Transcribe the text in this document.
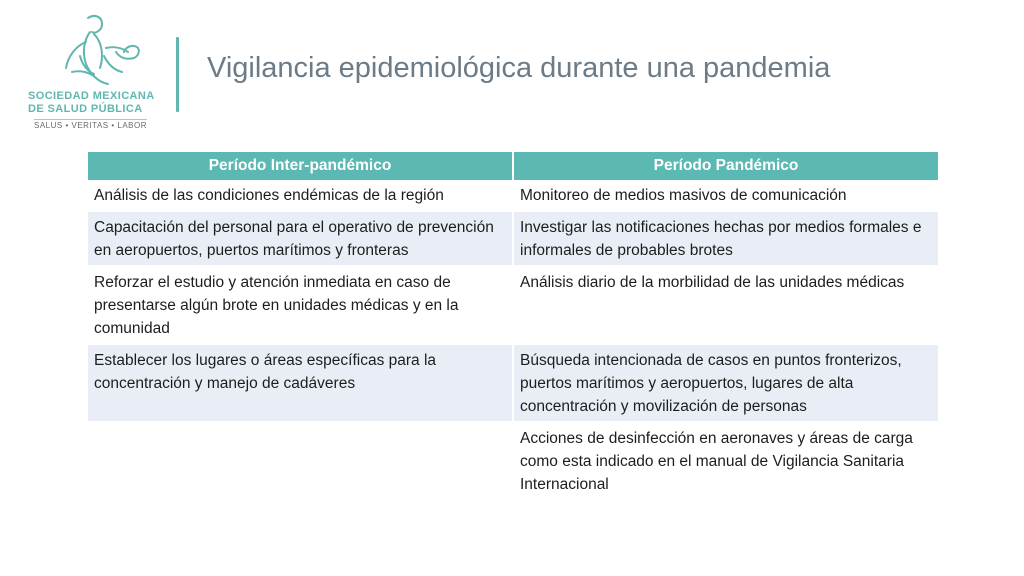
SOCIEDAD MEXICANA
DE SALUD PÚBLICA
SALUS • VERITAS • LABOR
Vigilancia epidemiológica durante una pandemia
Período Inter-pandémico	Período Pandémico
Análisis de las condiciones endémicas de la región	Monitoreo de medios masivos de comunicación
Capacitación del personal para el operativo de prevención en aeropuertos, puertos marítimos y fronteras	Investigar las notificaciones hechas por medios formales e informales de probables brotes
Reforzar el estudio y atención inmediata en caso de presentarse algún brote en unidades médicas y en la comunidad	Análisis diario de la morbilidad de las unidades médicas
Establecer los lugares o áreas específicas para la concentración y manejo de cadáveres	Búsqueda intencionada de casos en puntos fronterizos, puertos marítimos y aeropuertos, lugares de alta concentración y movilización de personas
	Acciones de desinfección en aeronaves y áreas de carga como esta indicado en el manual de Vigilancia Sanitaria Internacional
